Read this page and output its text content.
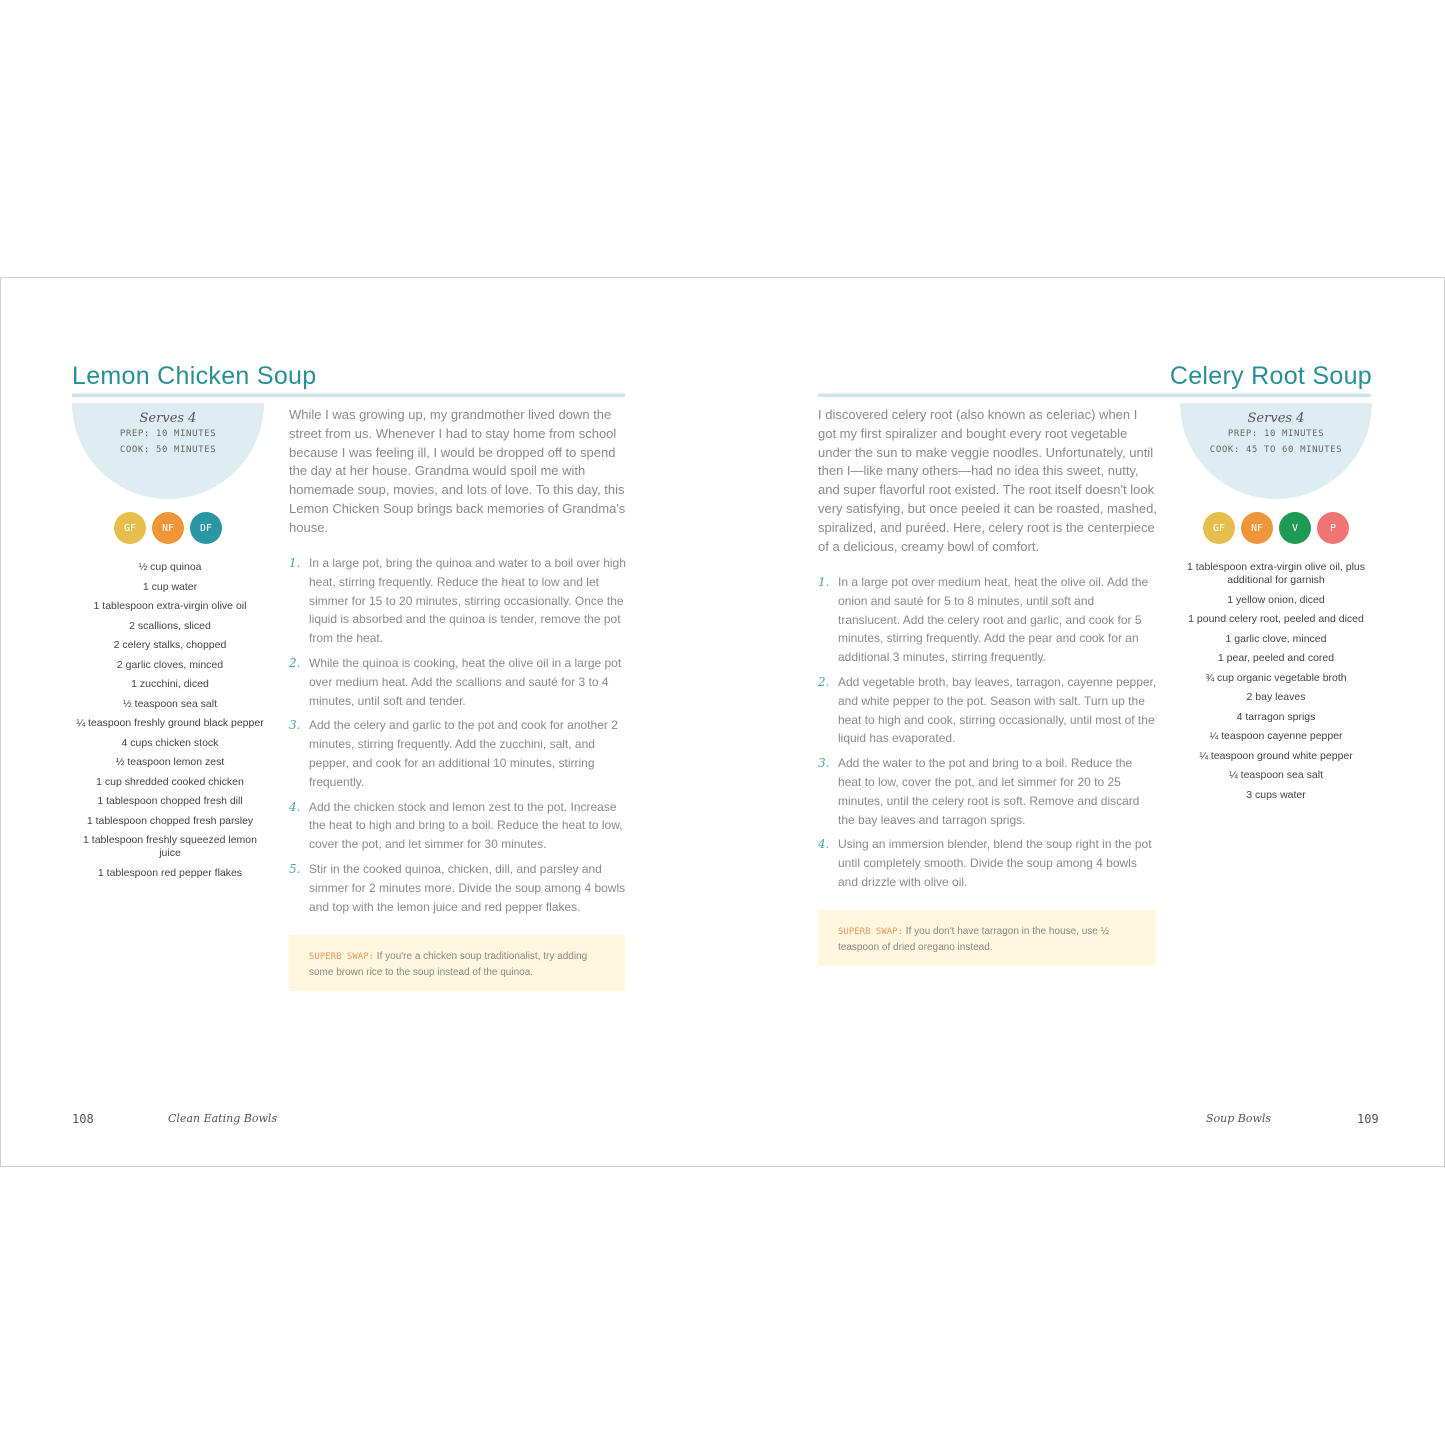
Lemon Chicken Soup
Serves 4
PREP: 10 MINUTES
COOK: 50 MINUTES
GF	NF	DF
½ cup quinoa
1 cup water
1 tablespoon extra-virgin olive oil
2 scallions, sliced
2 celery stalks, chopped
2 garlic cloves, minced
1 zucchini, diced
½ teaspoon sea salt
¼ teaspoon freshly ground black pepper
4 cups chicken stock
½ teaspoon lemon zest
1 cup shredded cooked chicken
1 tablespoon chopped fresh dill
1 tablespoon chopped fresh parsley
1 tablespoon freshly squeezed lemon juice
1 tablespoon red pepper flakes

While I was growing up, my grandmother lived down the street from us. Whenever I had to stay home from school because I was feeling ill, I would be dropped off to spend the day at her house. Grandma would spoil me with homemade soup, movies, and lots of love. To this day, this Lemon Chicken Soup brings back memories of Grandma's house.

1. In a large pot, bring the quinoa and water to a boil over high heat, stirring frequently. Reduce the heat to low and let simmer for 15 to 20 minutes, stirring occasionally. Once the liquid is absorbed and the quinoa is tender, remove the pot from the heat.
2. While the quinoa is cooking, heat the olive oil in a large pot over medium heat. Add the scallions and sauté for 3 to 4 minutes, until soft and tender.
3. Add the celery and garlic to the pot and cook for another 2 minutes, stirring frequently. Add the zucchini, salt, and pepper, and cook for an additional 10 minutes, stirring frequently.
4. Add the chicken stock and lemon zest to the pot. Increase the heat to high and bring to a boil. Reduce the heat to low, cover the pot, and let simmer for 30 minutes.
5. Stir in the cooked quinoa, chicken, dill, and parsley and simmer for 2 minutes more. Divide the soup among 4 bowls and top with the lemon juice and red pepper flakes.
SUPERB SWAP: If you're a chicken soup traditionalist, try adding some brown rice to the soup instead of the quinoa.
108	Clean Eating Bowls
Celery Root Soup
Serves 4
PREP: 10 MINUTES
COOK: 45 TO 60 MINUTES
GF	NF	V	P
1 tablespoon extra-virgin olive oil, plus additional for garnish
1 yellow onion, diced
1 pound celery root, peeled and diced
1 garlic clove, minced
1 pear, peeled and cored
¾ cup organic vegetable broth
2 bay leaves
4 tarragon sprigs
¼ teaspoon cayenne pepper
¼ teaspoon ground white pepper
¼ teaspoon sea salt
3 cups water

I discovered celery root (also known as celeriac) when I got my first spiralizer and bought every root vegetable under the sun to make veggie noodles. Unfortunately, until then I—like many others—had no idea this sweet, nutty, and super flavorful root existed. The root itself doesn't look very satisfying, but once peeled it can be roasted, mashed, spiralized, and puréed. Here, celery root is the centerpiece of a delicious, creamy bowl of comfort.

1. In a large pot over medium heat, heat the olive oil. Add the onion and sauté for 5 to 8 minutes, until soft and translucent. Add the celery root and garlic, and cook for 5 minutes, stirring frequently. Add the pear and cook for an additional 3 minutes, stirring frequently.
2. Add vegetable broth, bay leaves, tarragon, cayenne pepper, and white pepper to the pot. Season with salt. Turn up the heat to high and cook, stirring occasionally, until most of the liquid has evaporated.
3. Add the water to the pot and bring to a boil. Reduce the heat to low, cover the pot, and let simmer for 20 to 25 minutes, until the celery root is soft. Remove and discard the bay leaves and tarragon sprigs.
4. Using an immersion blender, blend the soup right in the pot until completely smooth. Divide the soup among 4 bowls and drizzle with olive oil.
SUPERB SWAP: If you don't have tarragon in the house, use ½ teaspoon of dried oregano instead.
Soup Bowls	109
